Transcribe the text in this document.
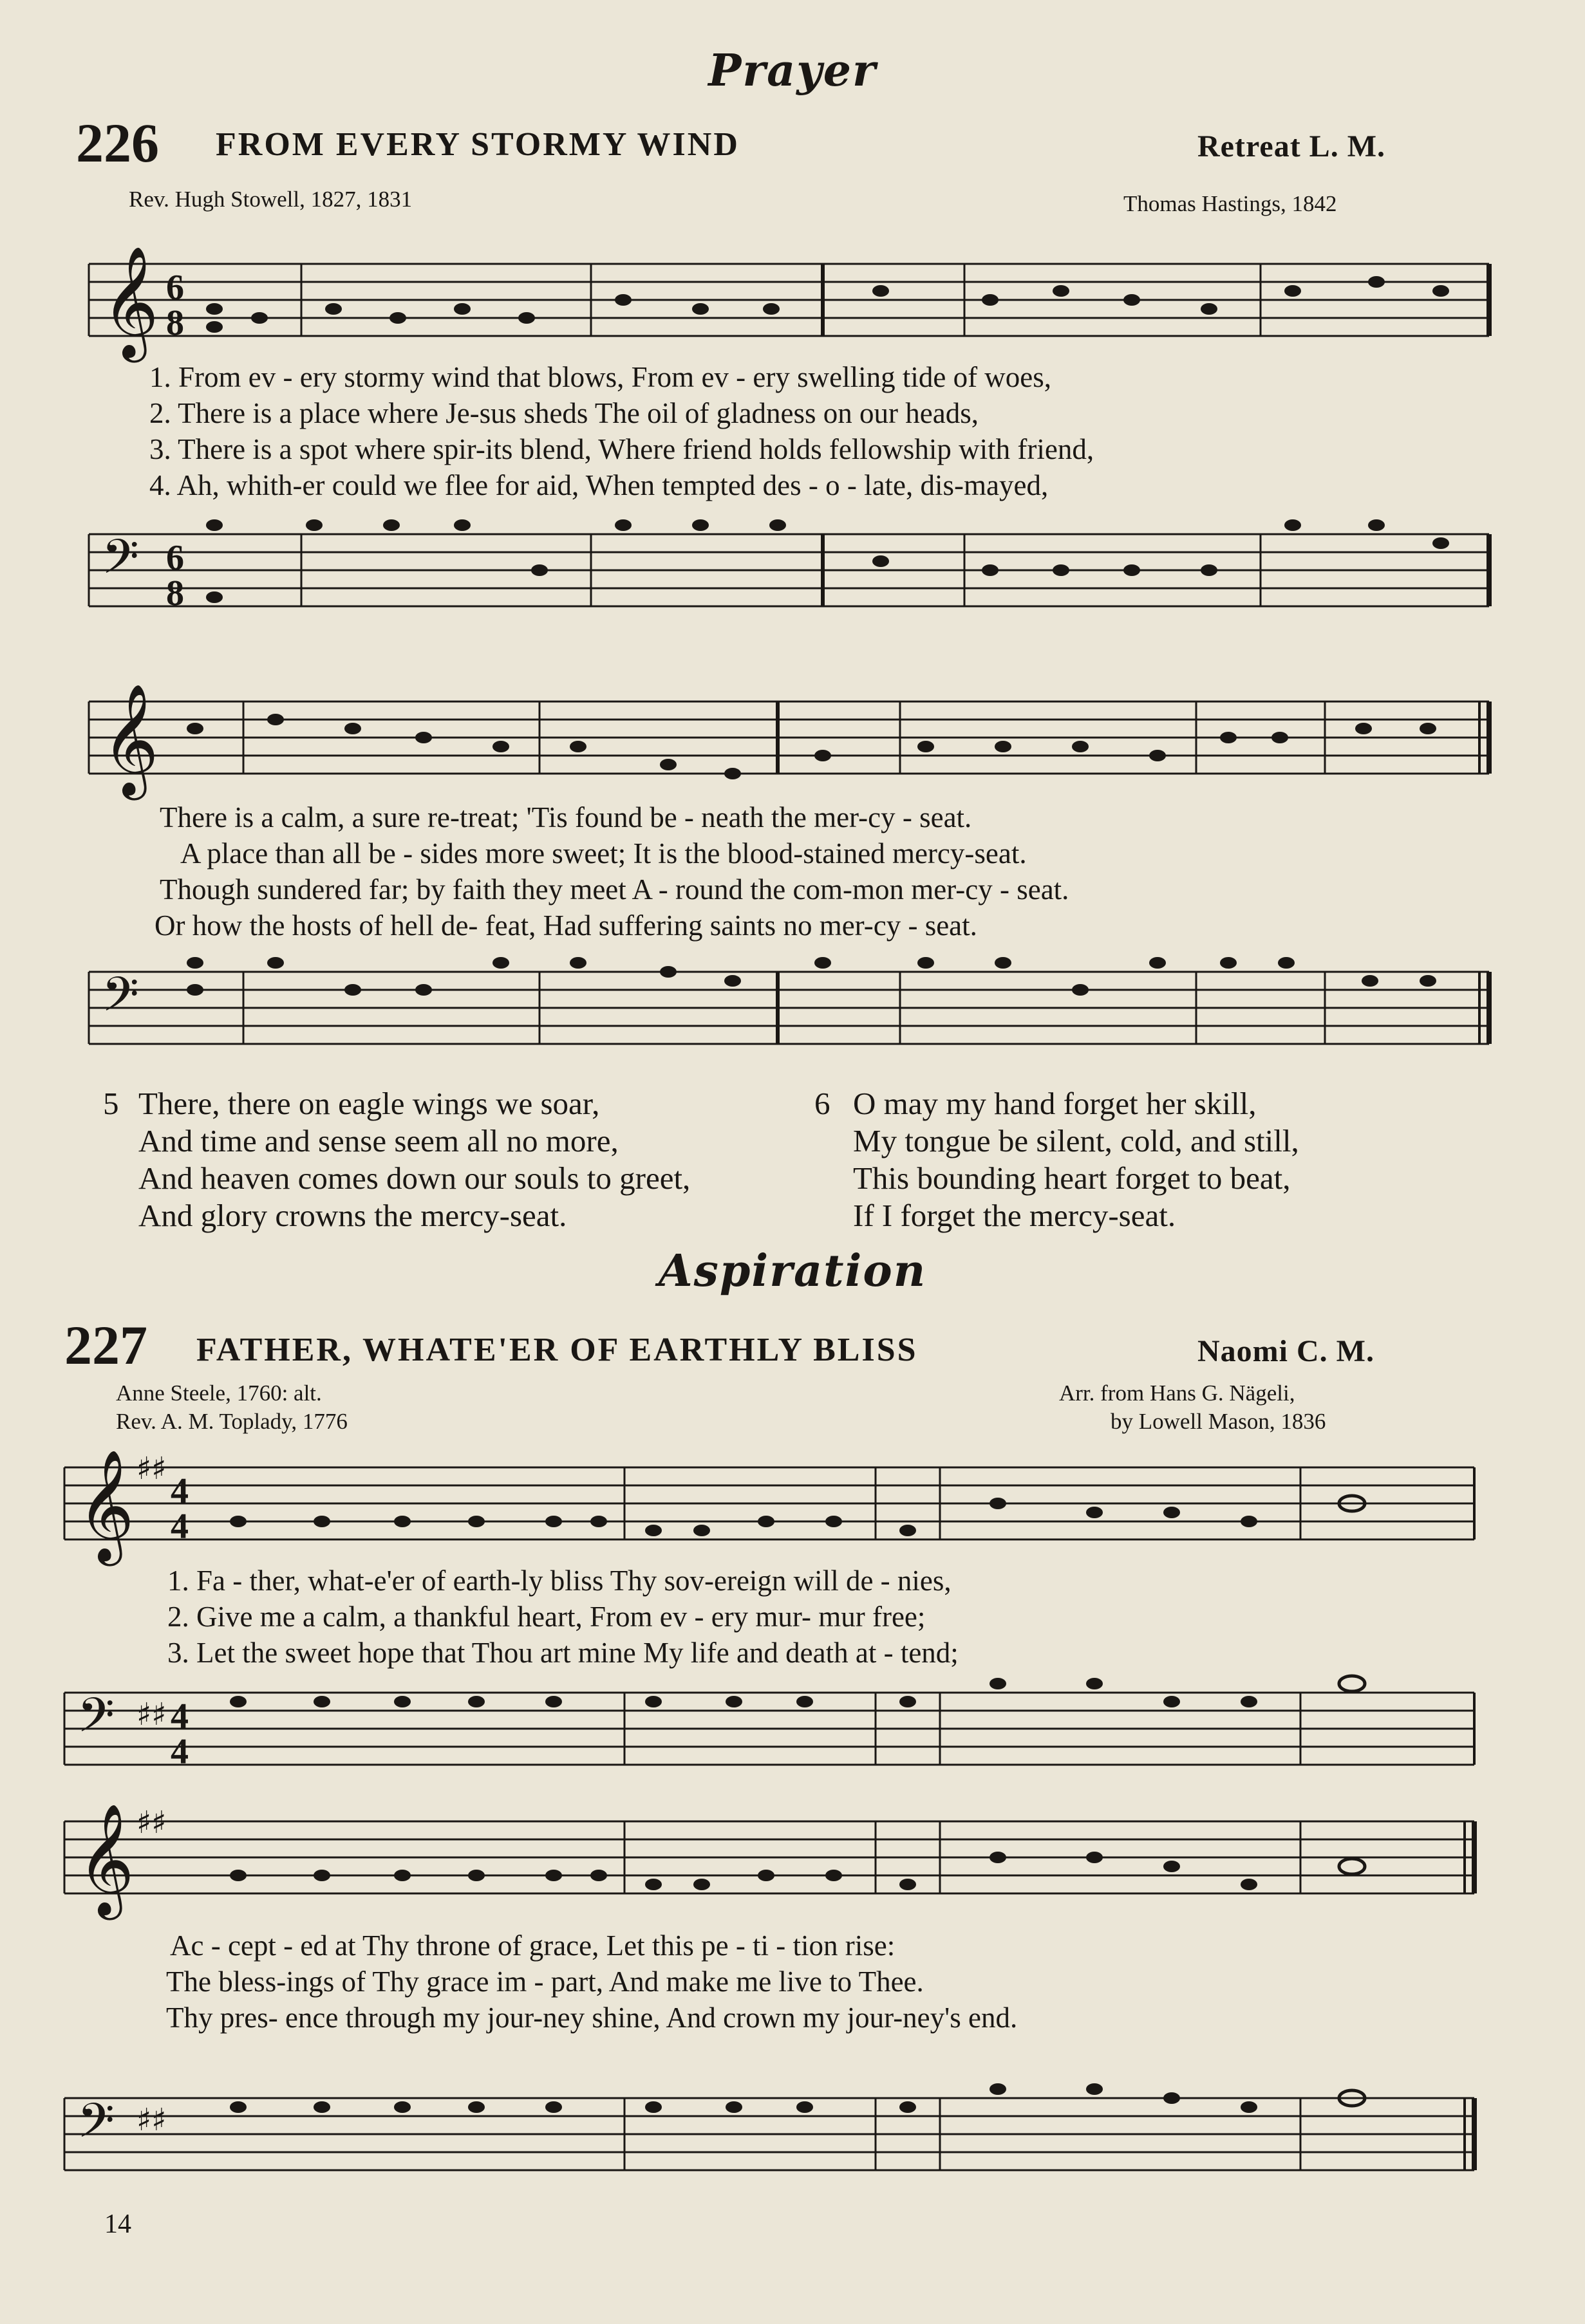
Prayer
226 FROM EVERY STORMY WIND	Retreat L. M.
Rev. Hugh Stowell, 1827, 1831	Thomas Hastings, 1842
𝄞 6
8
1. From ev - ery stormy wind that blows, From ev - ery swelling tide of woes,
2. There is a place where Je-sus sheds The oil of gladness on our heads,
3. There is a spot where spir-its blend, Where friend holds fellowship with friend,
4. Ah, whith-er could we flee for aid, When tempted des - o - late, dis-mayed,
𝄢 6
8
𝄞
There is a calm, a sure re-treat; 'Tis found be - neath the mer-cy - seat.
A place than all be - sides more sweet; It is the blood-stained mercy-seat.
Though sundered far; by faith they meet A - round the com-mon mer-cy - seat.
Or how the hosts of hell de- feat, Had suffering saints no mer-cy - seat.
𝄢
5 There, there on eagle wings we soar,
And time and sense seem all no more,
And heaven comes down our souls to greet,
And glory crowns the mercy-seat.
6 O may my hand forget her skill,
My tongue be silent, cold, and still,
This bounding heart forget to beat,
If I forget the mercy-seat.
Aspiration
227 FATHER, WHATE'ER OF EARTHLY BLISS	Naomi C. M.
Anne Steele, 1760: alt.
Rev. A. M. Toplady, 1776
Arr. from Hans G. Nägeli,
by Lowell Mason, 1836
𝄞 ♯♯
4
4
1. Fa - ther, what-e'er of earth-ly bliss Thy sov-ereign will de - nies,
2. Give me a calm, a thankful heart, From ev - ery mur- mur free;
3. Let the sweet hope that Thou art mine My life and death at - tend;
𝄢 ♯♯ 4
4
𝄞 ♯♯
Ac - cept - ed at Thy throne of grace, Let this pe - ti - tion rise:
The bless-ings of Thy grace im - part, And make me live to Thee.
Thy pres- ence through my jour-ney shine, And crown my jour-ney's end.
𝄢 ♯♯
14
